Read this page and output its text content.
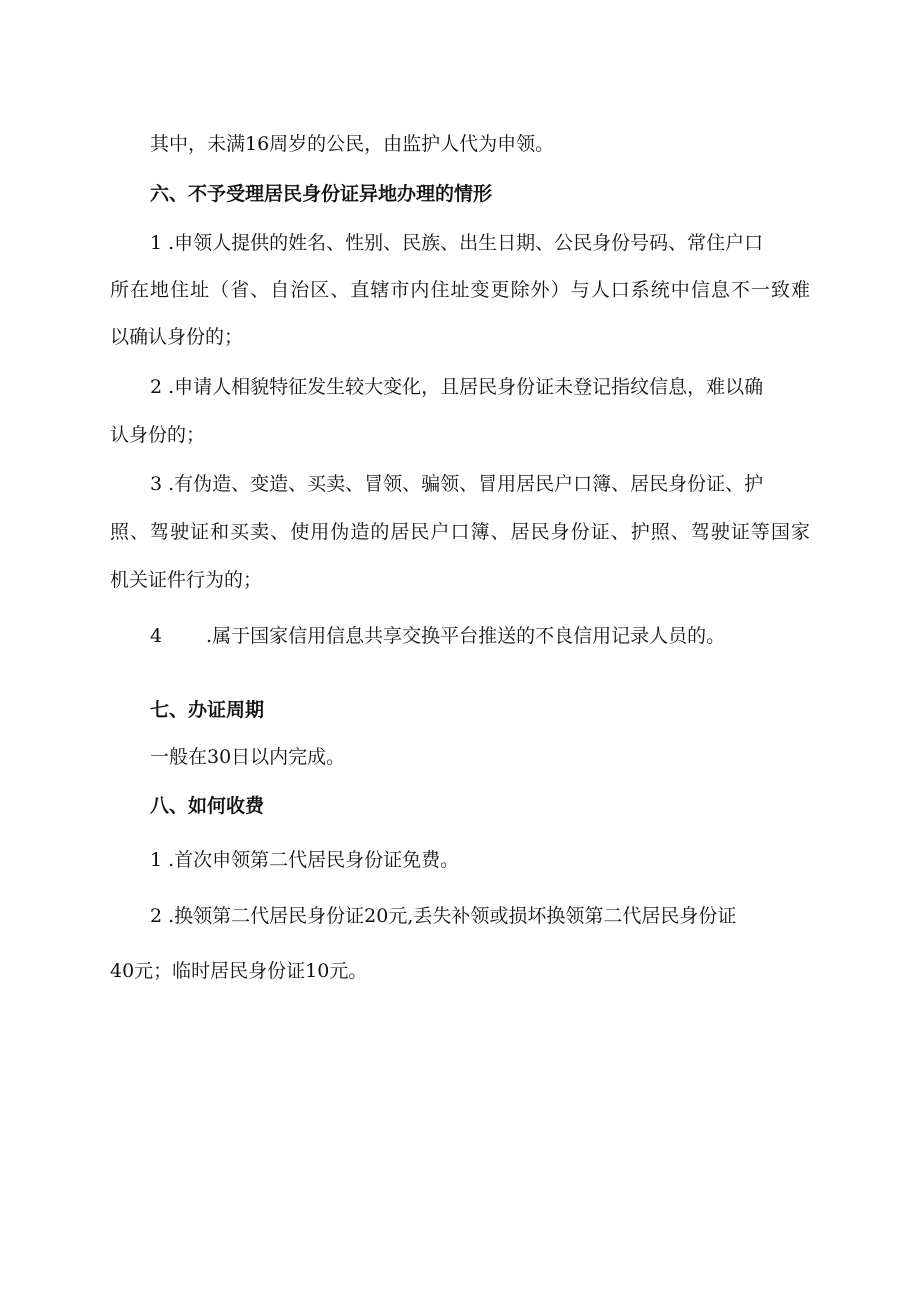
其中，未满16周岁的公民，由监护人代为申领。
六、不予受理居民身份证异地办理的情形
1 .申领人提供的姓名、性别、民族、出生日期、公民身份号码、常住户口
所在地住址（省、自治区、直辖市内住址变更除外）与人口系统中信息不一致难
以确认身份的；
2 .申请人相貌特征发生较大变化，且居民身份证未登记指纹信息，难以确
认身份的；
3 .有伪造、变造、买卖、冒领、骗领、冒用居民户口簿、居民身份证、护
照、驾驶证和买卖、使用伪造的居民户口簿、居民身份证、护照、驾驶证等国家
机关证件行为的；
4 .属于国家信用信息共享交换平台推送的不良信用记录人员的。
七、办证周期
一般在30日以内完成。
八、如何收费
1 .首次申领第二代居民身份证免费。
2 .换领第二代居民身份证20元,丢失补领或损坏换领第二代居民身份证
40元；临时居民身份证10元。
